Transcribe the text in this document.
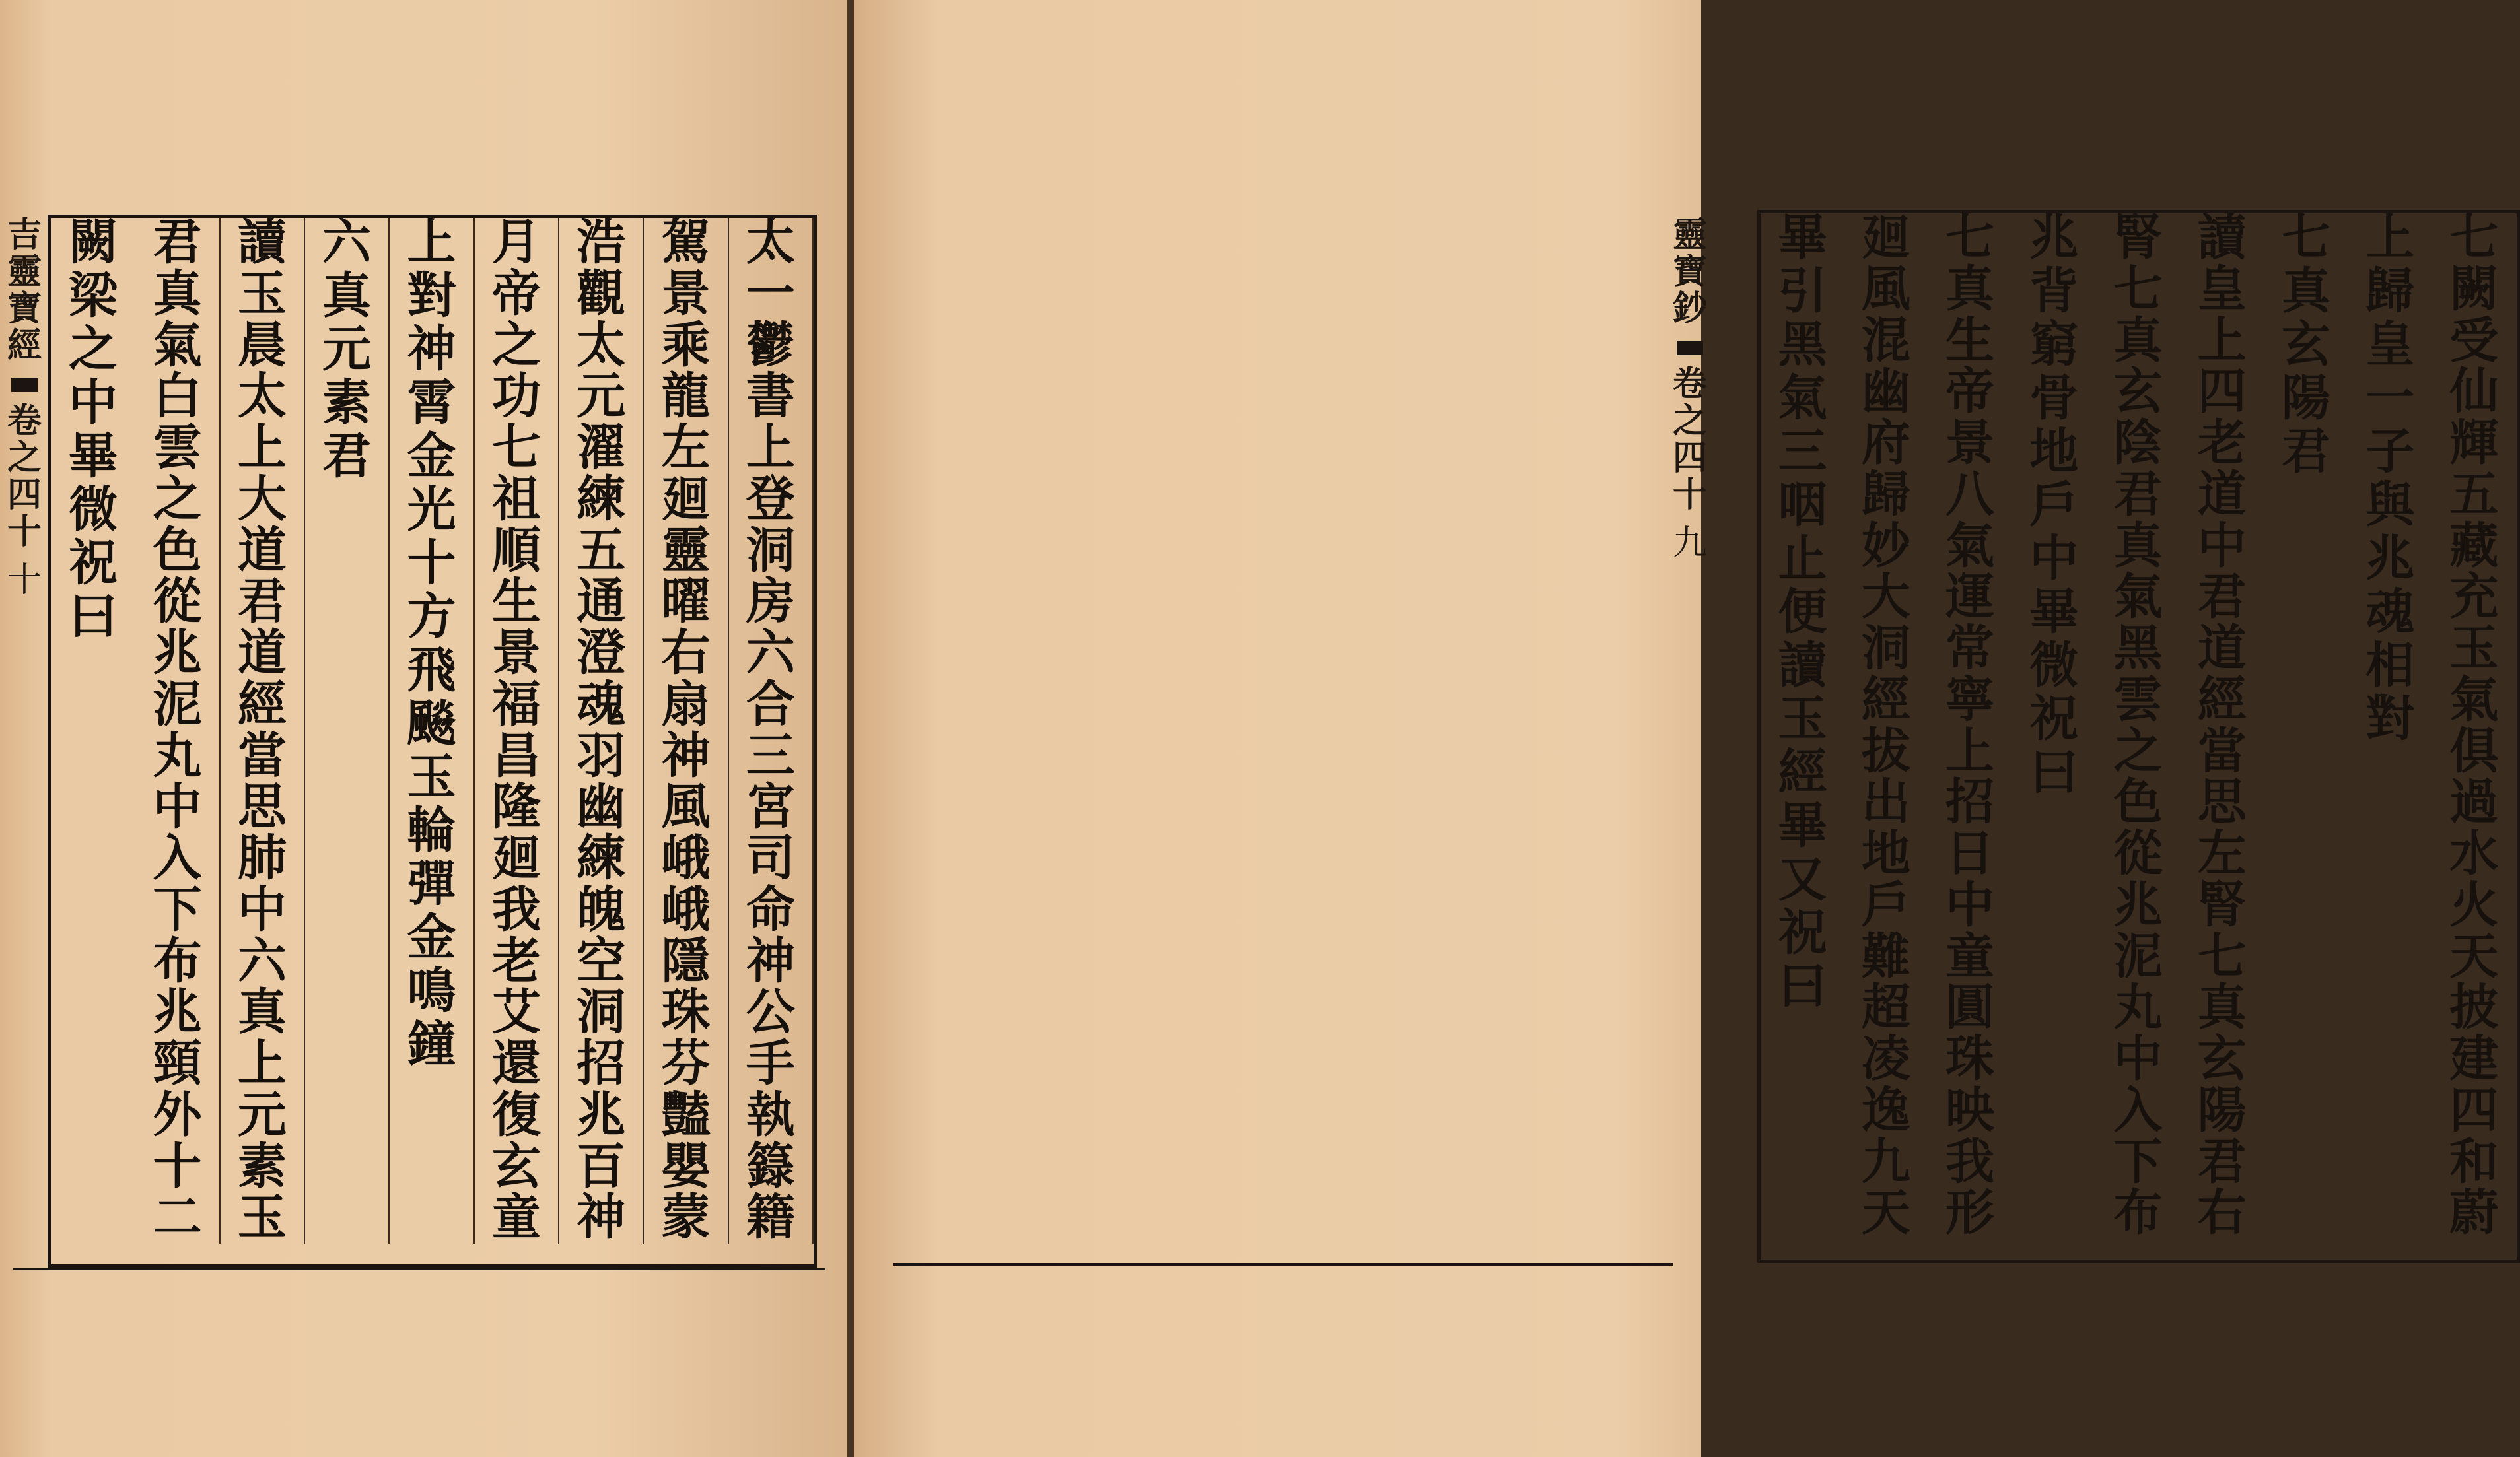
吉
靈
寶
經
卷
之
四
十
十
太
一
鬱
書
上
登
洞
房
六
合
三
宮
司
命
神
公
手
執
籙
籍
駕
景
乘
龍
左
廻
靈
曜
右
扇
神
風
峨
峨
隱
珠
芬
豔
嬰
蒙
浩
觀
太
元
濯
練
五
通
澄
魂
羽
幽
練
魄
空
洞
招
兆
百
神
月
帝
之
功
七
祖
順
生
景
福
昌
隆
廻
我
老
艾
還
復
玄
童
上
對
神
霄
金
光
十
方
飛
飈
玉
輪
彈
金
鳴
鐘
六
真
元
素
君
讀
玉
晨
太
上
大
道
君
道
經
當
思
肺
中
六
真
上
元
素
玉
君
真
氣
白
雲
之
色
從
兆
泥
丸
中
入
下
布
兆
頸
外
十
二
闕
梁
之
中
畢
微
祝
曰
七
闕
受
仙
輝
五
藏
充
玉
氣
俱
過
水
火
天
披
建
四
和
蔚
上
歸
皇
一
子
與
兆
魂
相
對
七
真
玄
陽
君
讀
皇
上
四
老
道
中
君
道
經
當
思
左
腎
七
真
玄
陽
君
右
腎
七
真
玄
陰
君
真
氣
黑
雲
之
色
從
兆
泥
丸
中
入
下
布
兆
背
窮
骨
地
戶
中
畢
微
祝
曰
七
真
生
帝
景
八
氣
運
常
寧
上
招
日
中
童
圓
珠
映
我
形
廻
風
混
幽
府
歸
妙
大
洞
經
拔
出
地
戶
難
超
凌
逸
九
天
畢
引
黑
氣
三
咽
止
便
讀
玉
經
畢
又
祝
曰
靈
寶
鈔
卷
之
四
十
九
